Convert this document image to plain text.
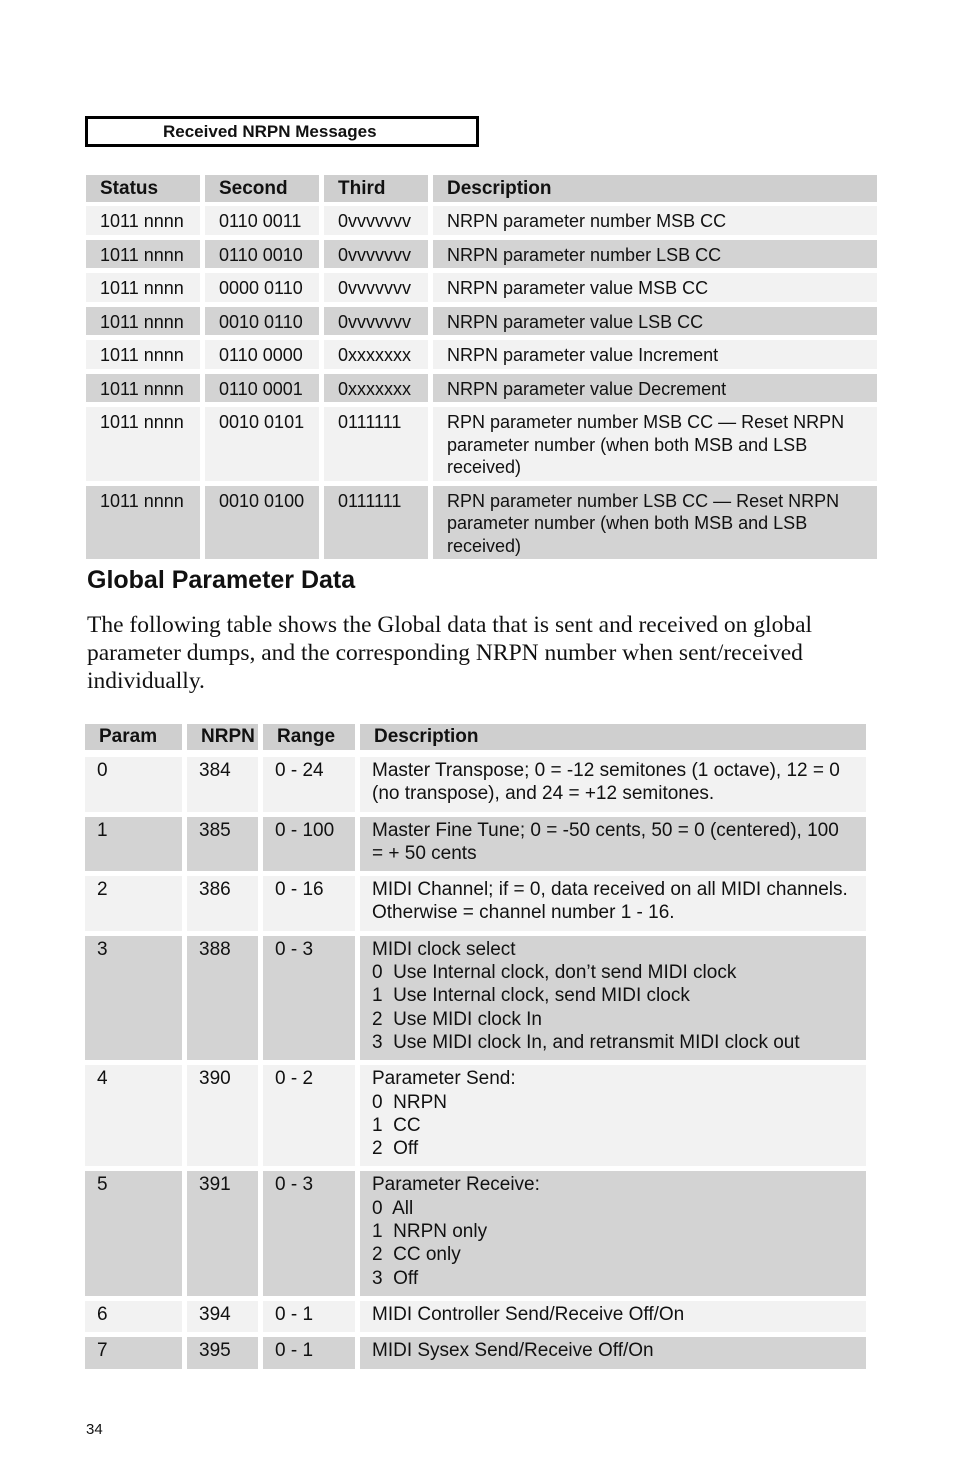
Received NRPN Messages
Status	Second	Third	Description
1011 nnnn	0110 0011	0vvvvvvv	NRPN parameter number MSB CC
1011 nnnn	0110 0010	0vvvvvvv	NRPN parameter number LSB CC
1011 nnnn	0000 0110	0vvvvvvv	NRPN parameter value MSB CC
1011 nnnn	0010 0110	0vvvvvvv	NRPN parameter value LSB CC
1011 nnnn	0110 0000	0xxxxxxx	NRPN parameter value Increment
1011 nnnn	0110 0001	0xxxxxxx	NRPN parameter value Decrement
1011 nnnn	0010 0101	0111111	RPN parameter number MSB CC — Reset NRPN parameter number (when both MSB and LSB received)
1011 nnnn	0010 0100	0111111	RPN parameter number LSB CC — Reset NRPN parameter number (when both MSB and LSB received)
Global Parameter Data
The following table shows the Global data that is sent and received on global parameter dumps, and the corresponding NRPN number when sent/received individually.
Param	NRPN	Range	Description
0	384	0 - 24	Master Transpose; 0 = -12 semitones (1 octave), 12 = 0 (no transpose), and 24 = +12 semitones.
1	385	0 - 100	Master Fine Tune; 0 = -50 cents, 50 = 0 (centered), 100 = + 50 cents
2	386	0 - 16	MIDI Channel; if = 0, data received on all MIDI channels. Otherwise = channel number 1 - 16.
3	388	0 - 3	MIDI clock select
0  Use Internal clock, don’t send MIDI clock
1  Use Internal clock, send MIDI clock
2  Use MIDI clock In
3  Use MIDI clock In, and retransmit MIDI clock out

4	390	0 - 2	Parameter Send:
0  NRPN
1  CC
2  Off

5	391	0 - 3	Parameter Receive:
0  All
1  NRPN only
2  CC only
3  Off

6	394	0 - 1	MIDI Controller Send/Receive Off/On
7	395	0 - 1	MIDI Sysex Send/Receive Off/On
34
